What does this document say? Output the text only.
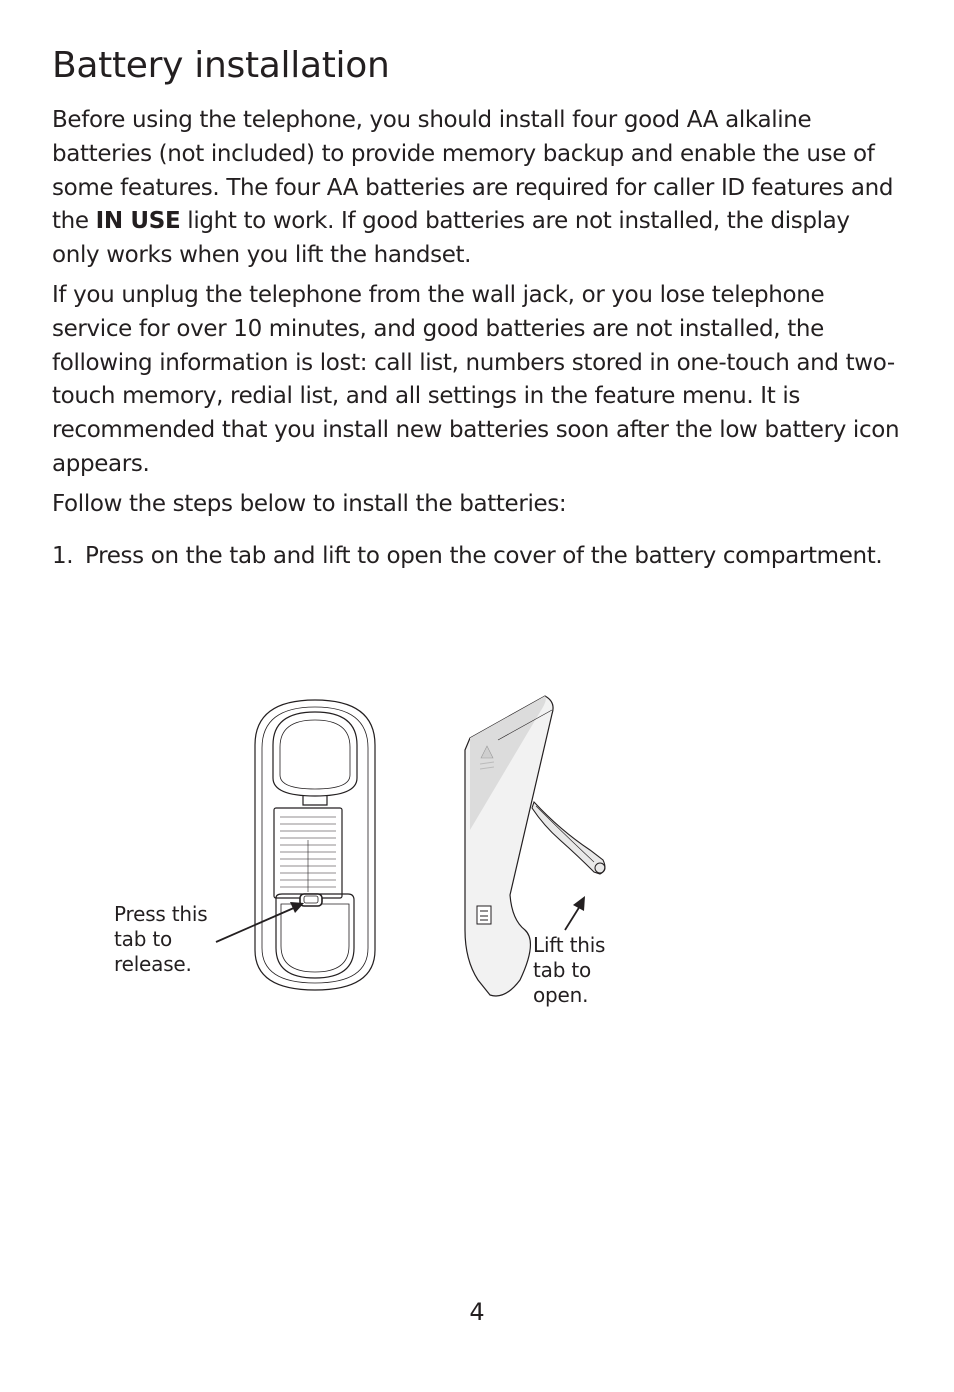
Battery installation

Before using the telephone, you should install four good AA alkaline batteries (not included) to provide memory backup and enable the use of some features. The four AA batteries are required for caller ID features and the IN USE light to work. If good batteries are not installed, the display only works when you lift the handset.

If you unplug the telephone from the wall jack, or you lose telephone service for over 10 minutes, and good batteries are not installed, the following information is lost: call list, numbers stored in one-touch and two-touch memory, redial list, and all settings in the feature menu. It is recommended that you install new batteries soon after the low battery icon appears.

Follow the steps below to install the batteries:

1. Press on the tab and lift to open the cover of the battery compartment.
Press this
tab to
release.
Lift this
tab to
open.
4
